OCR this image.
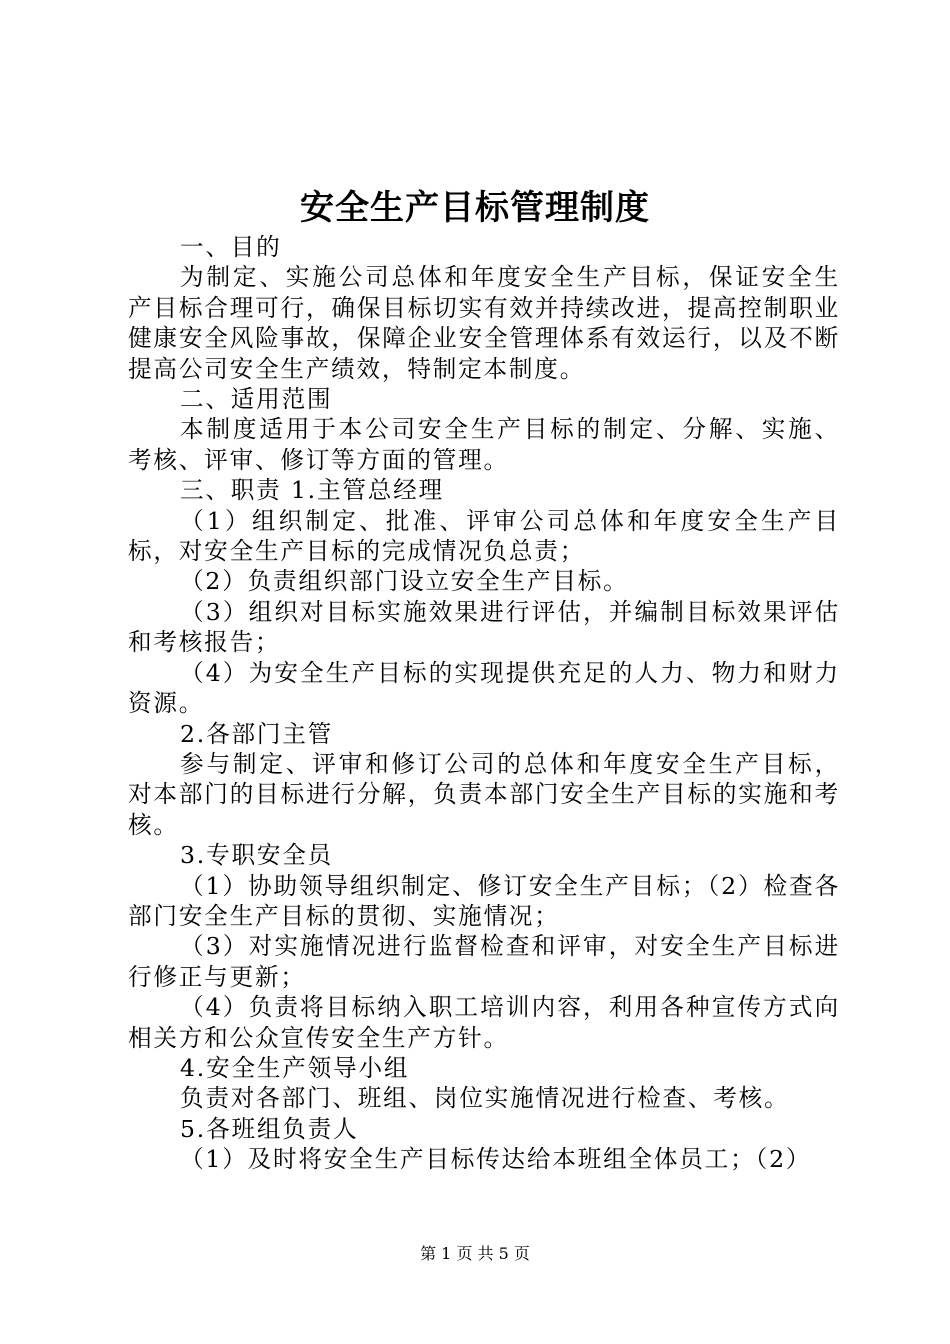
安全生产目标管理制度

一、目的

为制定、实施公司总体和年度安全生产目标，保证安全生产目标合理可行，确保目标切实有效并持续改进，提高控制职业健康安全风险事故，保障企业安全管理体系有效运行，以及不断提高公司安全生产绩效，特制定本制度。

二、适用范围

本制度适用于本公司安全生产目标的制定、分解、实施、考核、评审、修订等方面的管理。

三、职责 1.主管总经理

（1）组织制定、批准、评审公司总体和年度安全生产目标，对安全生产目标的完成情况负总责；

（2）负责组织部门设立安全生产目标。

（3）组织对目标实施效果进行评估，并编制目标效果评估和考核报告；

（4）为安全生产目标的实现提供充足的人力、物力和财力资源。

2.各部门主管

参与制定、评审和修订公司的总体和年度安全生产目标，对本部门的目标进行分解，负责本部门安全生产目标的实施和考核。

3.专职安全员

（1）协助领导组织制定、修订安全生产目标；（2）检查各部门安全生产目标的贯彻、实施情况；

（3）对实施情况进行监督检查和评审，对安全生产目标进行修正与更新；

（4）负责将目标纳入职工培训内容，利用各种宣传方式向相关方和公众宣传安全生产方针。

4.安全生产领导小组

负责对各部门、班组、岗位实施情况进行检查、考核。

5.各班组负责人

（1）及时将安全生产目标传达给本班组全体员工；（2）

第 1 页 共 5 页
